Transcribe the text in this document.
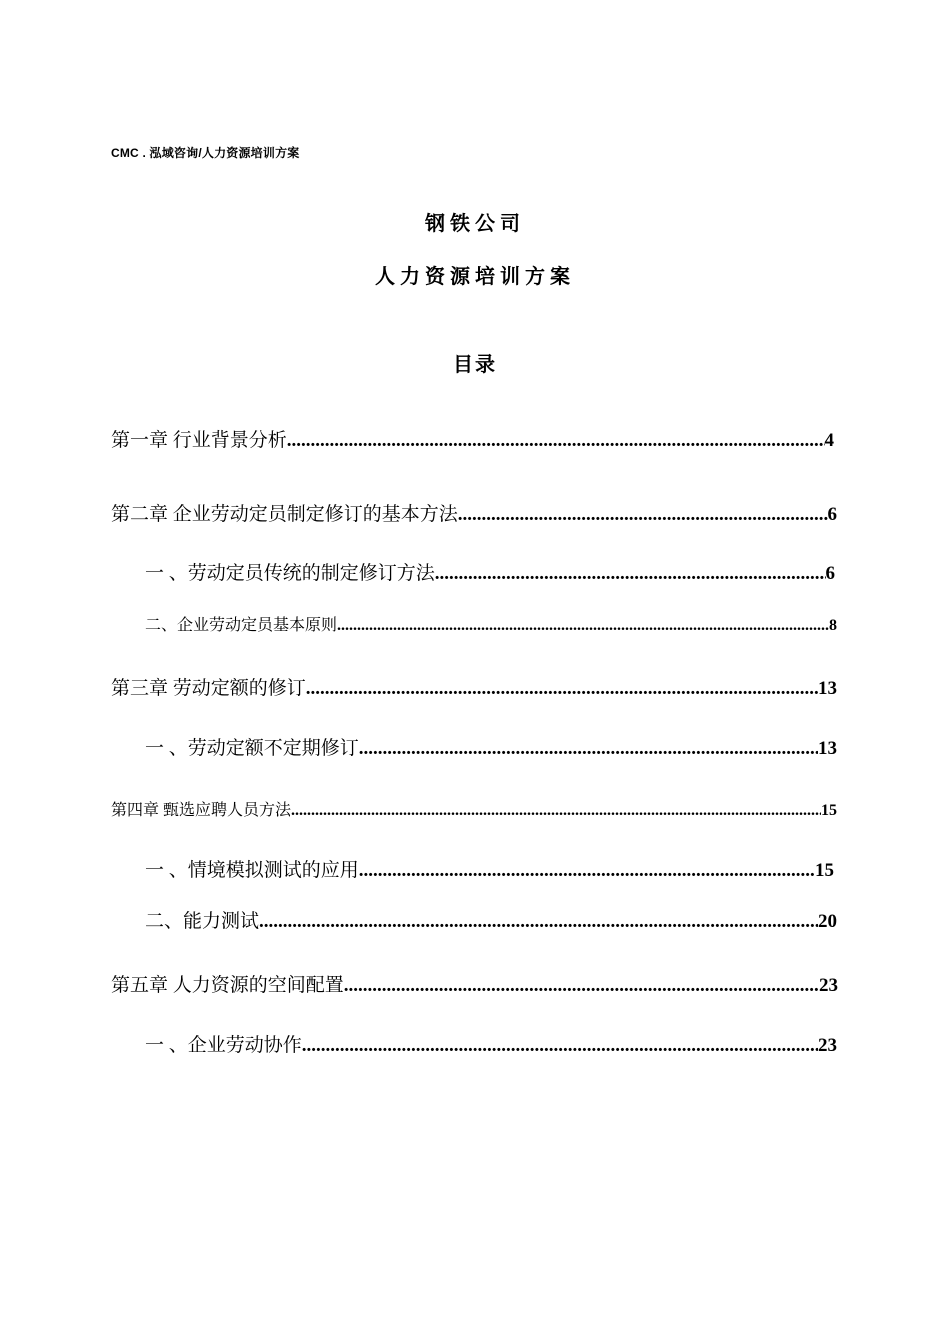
CMC . 泓域咨询/人力资源培训方案
钢铁公司
人力资源培训方案
目录
第一章 行业背景分析 .....	4
第二章 企业劳动定员制定修订的基本方法 .....	6
一 、劳动定员传统的制定修订方法 .....	6
二、企业劳动定员基本原则 .....	8
第三章 劳动定额的修订 .....	13
一 、劳动定额不定期修订 .....	13
第四章 甄选应聘人员方法 .....	15
一 、情境模拟测试的应用 .....	15
二、能力测试 .....	20
第五章 人力资源的空间配置 .....	23
一 、企业劳动协作 .....	23
